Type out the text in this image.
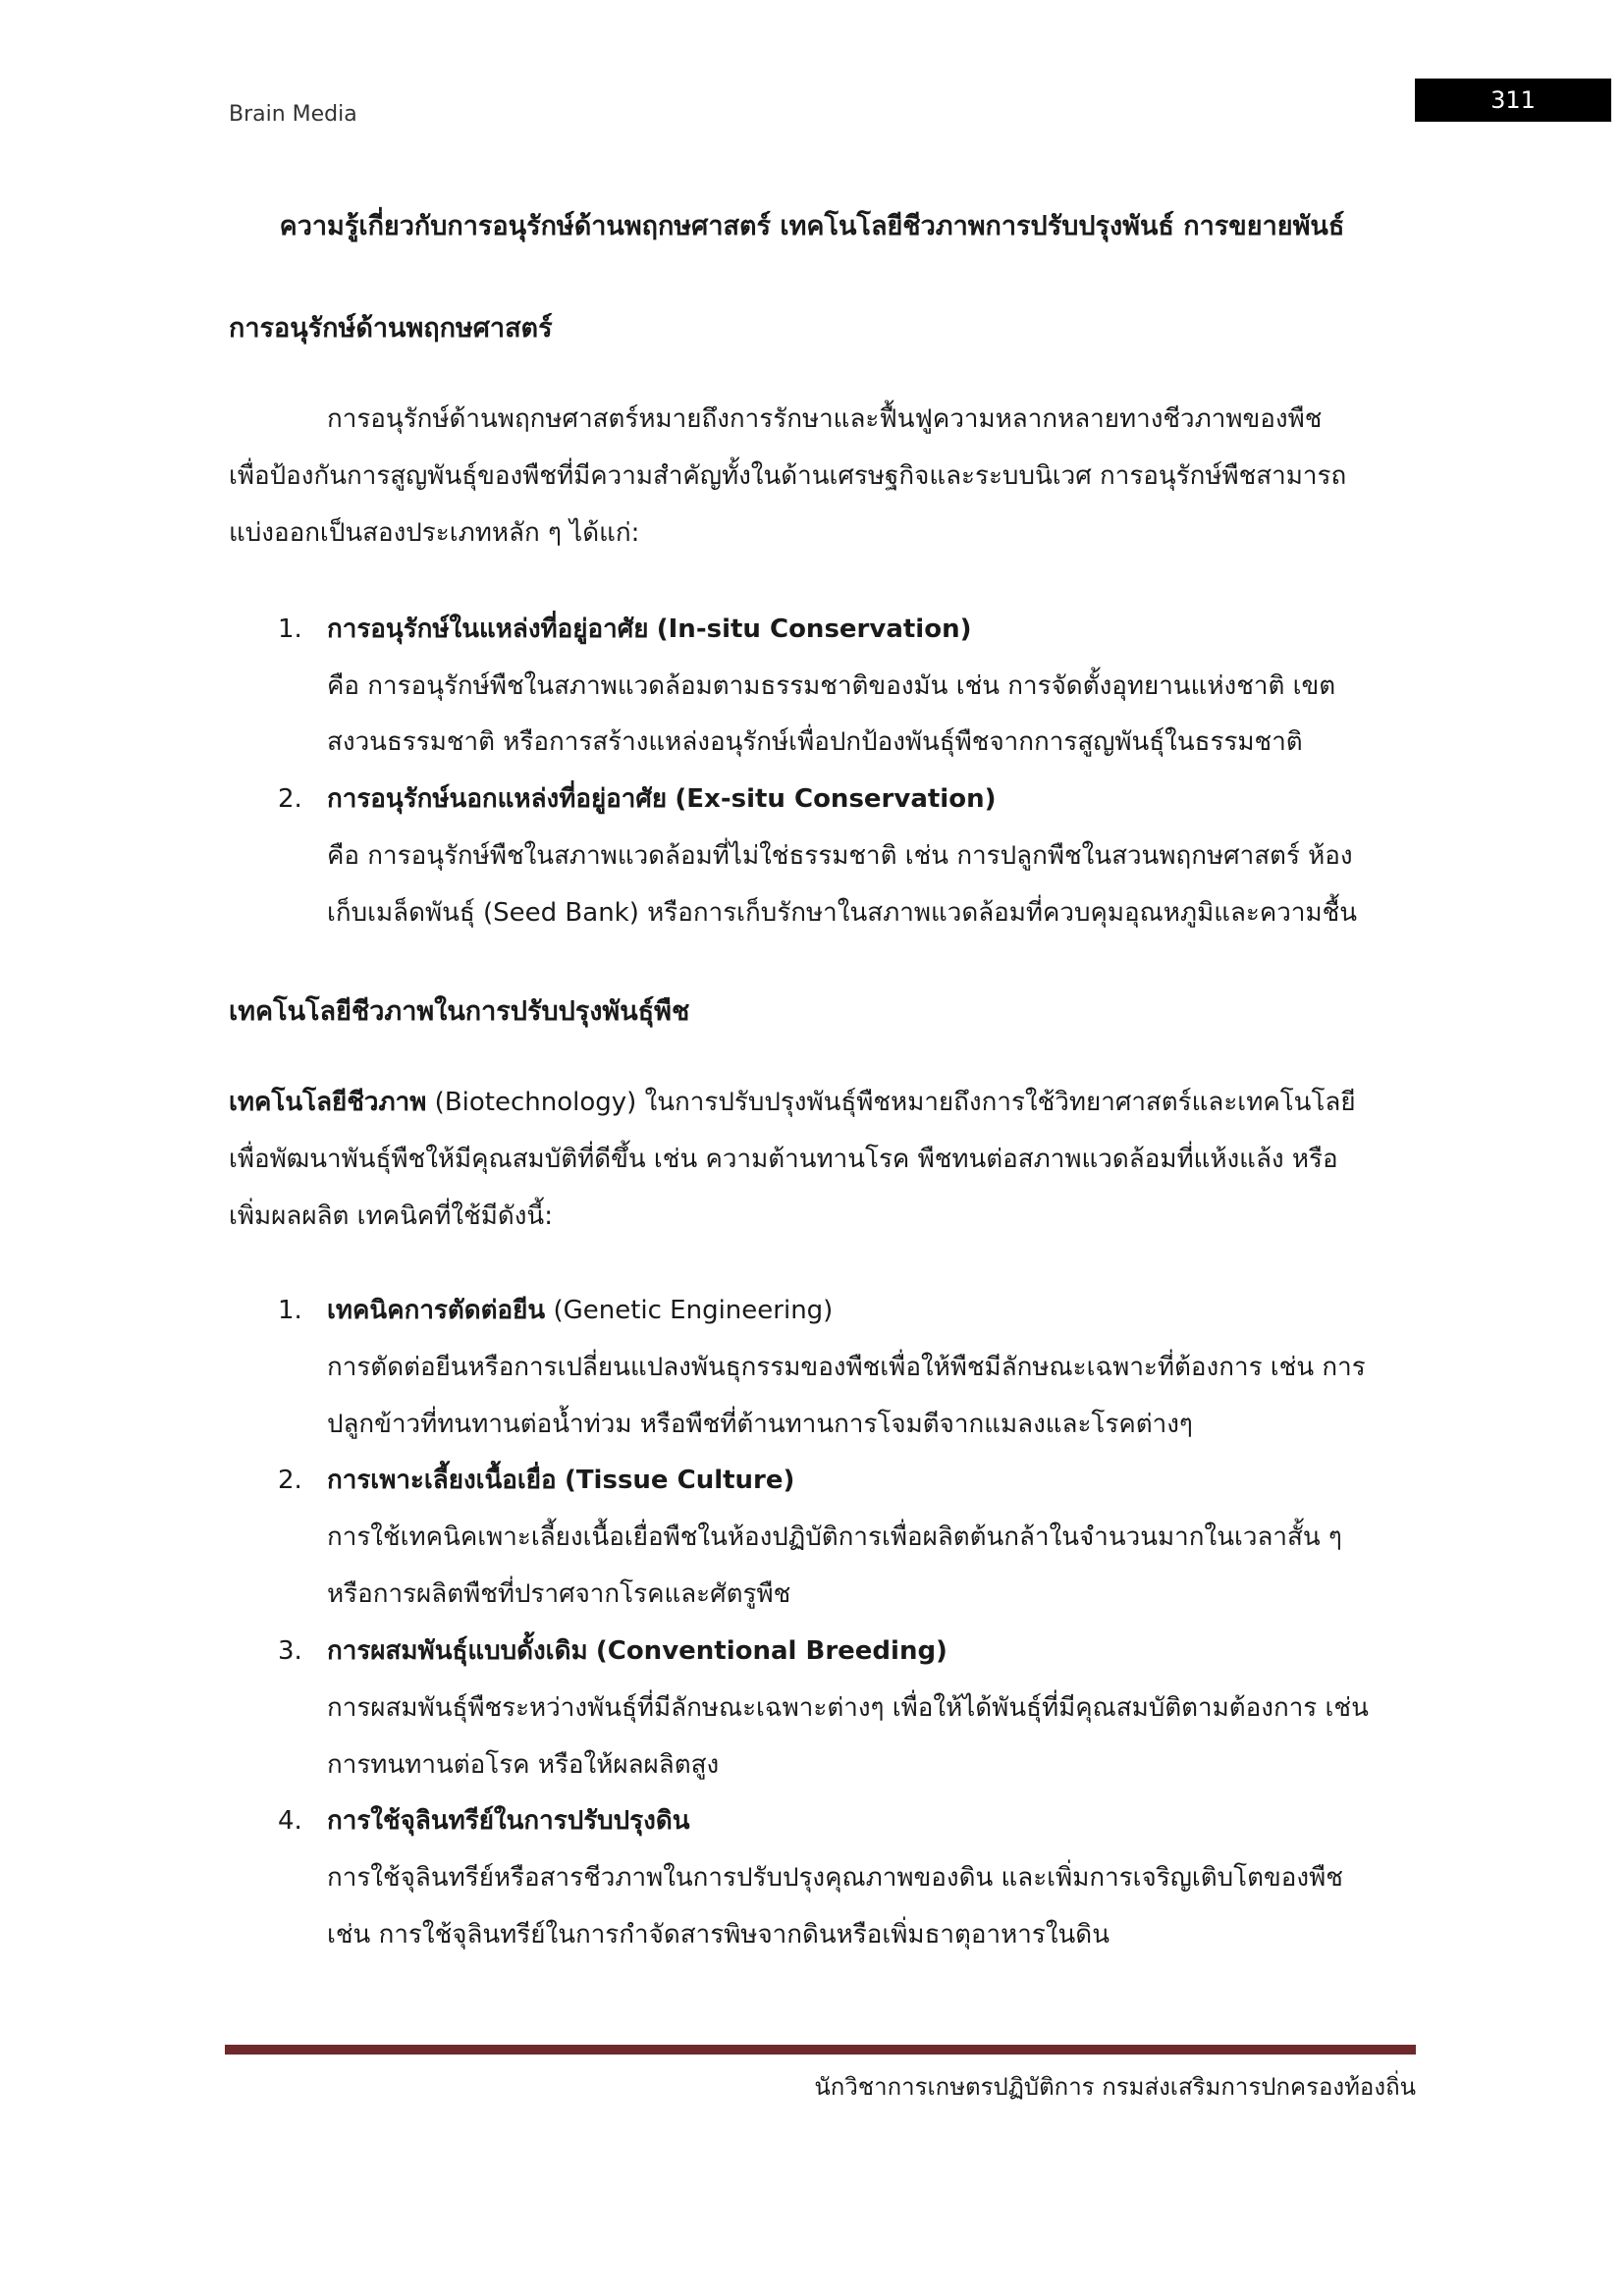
Brain Media
311
ความรู้เกี่ยวกับการอนุรักษ์ด้านพฤกษศาสตร์ เทคโนโลยีชีวภาพการปรับปรุงพันธ์ การขยายพันธ์
การอนุรักษ์ด้านพฤกษศาสตร์
การอนุรักษ์ด้านพฤกษศาสตร์หมายถึงการรักษาและฟื้นฟูความหลากหลายทางชีวภาพของพืช
เพื่อป้องกันการสูญพันธุ์ของพืชที่มีความสำคัญทั้งในด้านเศรษฐกิจและระบบนิเวศ การอนุรักษ์พืชสามารถ
แบ่งออกเป็นสองประเภทหลัก ๆ ได้แก่:
1. การอนุรักษ์ในแหล่งที่อยู่อาศัย (In-situ Conservation)
คือ การอนุรักษ์พืชในสภาพแวดล้อมตามธรรมชาติของมัน เช่น การจัดตั้งอุทยานแห่งชาติ เขต
สงวนธรรมชาติ หรือการสร้างแหล่งอนุรักษ์เพื่อปกป้องพันธุ์พืชจากการสูญพันธุ์ในธรรมชาติ
2. การอนุรักษ์นอกแหล่งที่อยู่อาศัย (Ex-situ Conservation)
คือ การอนุรักษ์พืชในสภาพแวดล้อมที่ไม่ใช่ธรรมชาติ เช่น การปลูกพืชในสวนพฤกษศาสตร์ ห้อง
เก็บเมล็ดพันธุ์ (Seed Bank) หรือการเก็บรักษาในสภาพแวดล้อมที่ควบคุมอุณหภูมิและความชื้น
เทคโนโลยีชีวภาพในการปรับปรุงพันธุ์พืช
เทคโนโลยีชีวภาพ (Biotechnology) ในการปรับปรุงพันธุ์พืชหมายถึงการใช้วิทยาศาสตร์และเทคโนโลยี
เพื่อพัฒนาพันธุ์พืชให้มีคุณสมบัติที่ดีขึ้น เช่น ความต้านทานโรค พืชทนต่อสภาพแวดล้อมที่แห้งแล้ง หรือ
เพิ่มผลผลิต เทคนิคที่ใช้มีดังนี้:
1. เทคนิคการตัดต่อยีน (Genetic Engineering)
การตัดต่อยีนหรือการเปลี่ยนแปลงพันธุกรรมของพืชเพื่อให้พืชมีลักษณะเฉพาะที่ต้องการ เช่น การ
ปลูกข้าวที่ทนทานต่อน้ำท่วม หรือพืชที่ต้านทานการโจมตีจากแมลงและโรคต่างๆ
2. การเพาะเลี้ยงเนื้อเยื่อ (Tissue Culture)
การใช้เทคนิคเพาะเลี้ยงเนื้อเยื่อพืชในห้องปฏิบัติการเพื่อผลิตต้นกล้าในจำนวนมากในเวลาสั้น ๆ
หรือการผลิตพืชที่ปราศจากโรคและศัตรูพืช
3. การผสมพันธุ์แบบดั้งเดิม (Conventional Breeding)
การผสมพันธุ์พืชระหว่างพันธุ์ที่มีลักษณะเฉพาะต่างๆ เพื่อให้ได้พันธุ์ที่มีคุณสมบัติตามต้องการ เช่น
การทนทานต่อโรค หรือให้ผลผลิตสูง
4. การใช้จุลินทรีย์ในการปรับปรุงดิน
การใช้จุลินทรีย์หรือสารชีวภาพในการปรับปรุงคุณภาพของดิน และเพิ่มการเจริญเติบโตของพืช
เช่น การใช้จุลินทรีย์ในการกำจัดสารพิษจากดินหรือเพิ่มธาตุอาหารในดิน
นักวิชาการเกษตรปฏิบัติการ กรมส่งเสริมการปกครองท้องถิ่น
